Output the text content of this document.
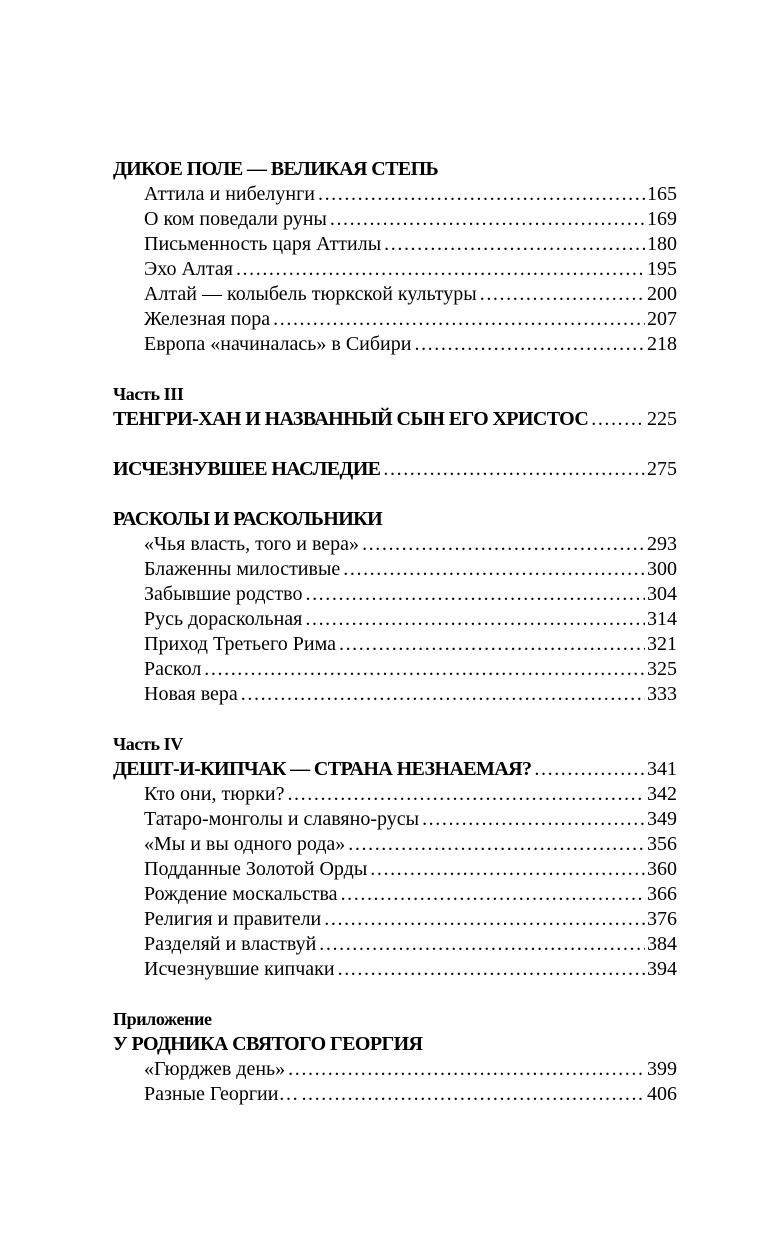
ДИКОЕ ПОЛЕ — ВЕЛИКАЯ СТЕПЬ
Аттила и нибелунги .....	165
О ком поведали руны .....	169
Письменность царя Аттилы .....	180
Эхо Алтая .....	195
Алтай — колыбель тюркской культуры .....	200
Железная пора .....	207
Европа «начиналась» в Сибири .....	218
Часть III
ТЕНГРИ-ХАН И НАЗВАННЫЙ СЫН ЕГО ХРИСТОС .....	225
ИСЧЕЗНУВШЕЕ НАСЛЕДИЕ .....	275
РАСКОЛЫ И РАСКОЛЬНИКИ
«Чья власть, того и вера» .....	293
Блаженны милостивые .....	300
Забывшие родство .....	304
Русь дораскольная .....	314
Приход Третьего Рима .....	321
Раскол .....	325
Новая вера .....	333
Часть IV
ДЕШТ-И-КИПЧАК — СТРАНА НЕЗНАЕМАЯ? .....	341
Кто они, тюрки? .....	342
Татаро-монголы и славяно-русы .....	349
«Мы и вы одного рода» .....	356
Подданные Золотой Орды .....	360
Рождение москальства .....	366
Религия и правители .....	376
Разделяй и властвуй .....	384
Исчезнувшие кипчаки .....	394
Приложение
У РОДНИКА СВЯТОГО ГЕОРГИЯ
«Гюрджев день» .....	399
Разные Георгии… .....	406
